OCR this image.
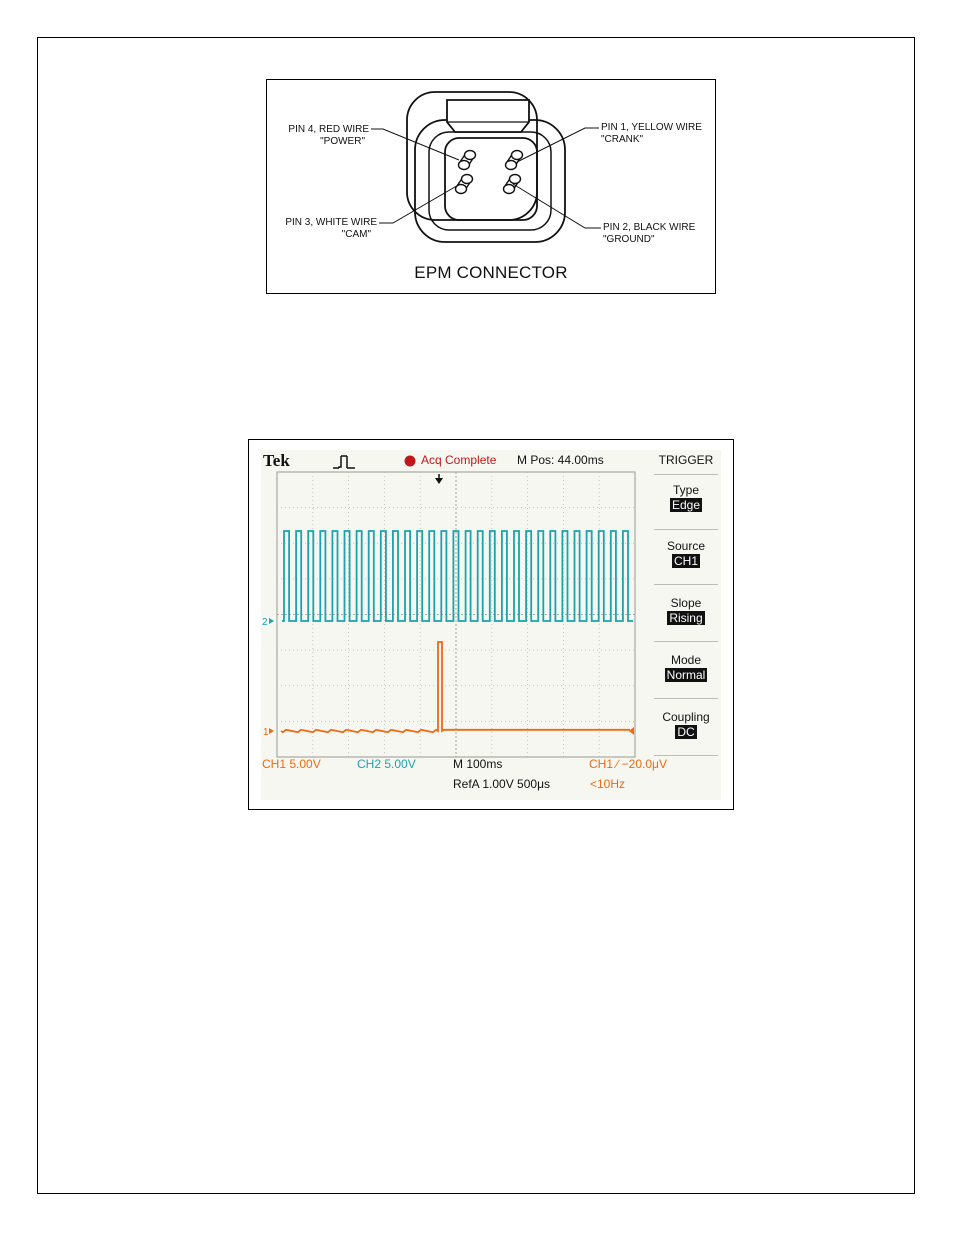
PIN 4, RED WIRE
"POWER"
PIN 1, YELLOW WIRE
"CRANK"
PIN 3, WHITE WIRE
"CAM"
PIN 2, BLACK WIRE
"GROUND"
EPM CONNECTOR
Tek	Acq Complete M Pos: 44.00ms	TRIGGER
2
1
Type
Edge
Source
CH1
Slope
Rising
Mode
Normal
Coupling
DC
CH1 5.00V	CH2 5.00V	M 100ms	CH1 ∕ −20.0μV
RefA 1.00V 500μs	<10Hz
